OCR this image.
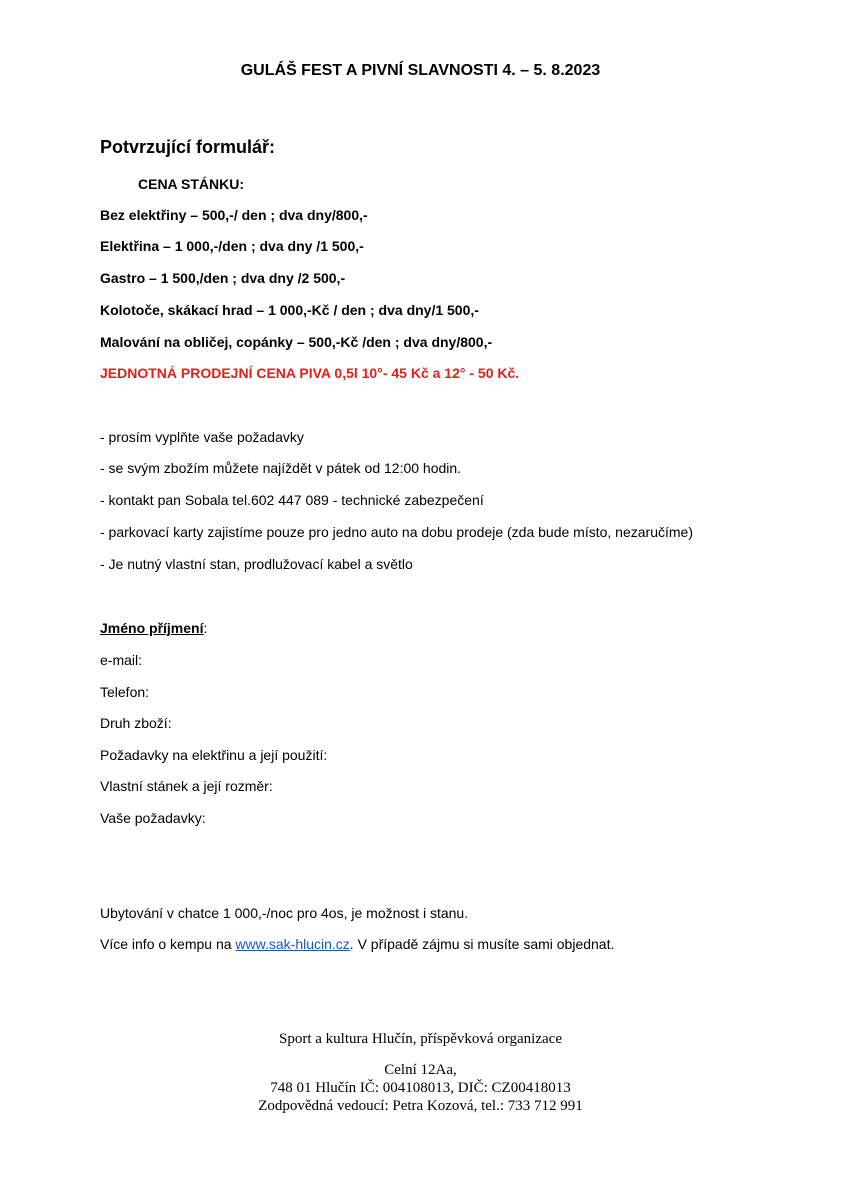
GULÁŠ FEST A PIVNÍ SLAVNOSTI 4. – 5. 8.2023

Potvrzující formulář:

CENA STÁNKU:

Bez elektřiny – 500,-/ den ; dva dny/800,-

Elektřina – 1 000,-/den ; dva dny /1 500,-

Gastro – 1 500,/den ; dva dny /2 500,-

Kolotoče, skákací hrad – 1 000,-Kč / den ; dva dny/1 500,-

Malování na obličej, copánky – 500,-Kč /den ; dva dny/800,-

JEDNOTNÁ PRODEJNÍ CENA PIVA 0,5l 10°- 45 Kč a 12° - 50 Kč.

- prosím vyplňte vaše požadavky

- se svým zbožím můžete najíždět v pátek od 12:00 hodin.

- kontakt pan Sobala tel.602 447 089 - technické zabezpečení

- parkovací karty zajistíme pouze pro jedno auto na dobu prodeje (zda bude místo, nezaručíme)

- Je nutný vlastní stan, prodlužovací kabel a světlo

Jméno příjmení:

e-mail:

Telefon:

Druh zboží:

Požadavky na elektřinu a její použití:

Vlastní stánek a její rozměr:

Vaše požadavky:

Ubytování v chatce 1 000,-/noc pro 4os, je možnost i stanu.

Více info o kempu na www.sak-hlucin.cz. V případě zájmu si musíte sami objednat.

Sport a kultura Hlučín, příspěvková organizace

Celní 12Aa,

748 01 Hlučín IČ: 004108013, DIČ: CZ00418013

Zodpovědná vedoucí: Petra Kozová, tel.: 733 712 991
